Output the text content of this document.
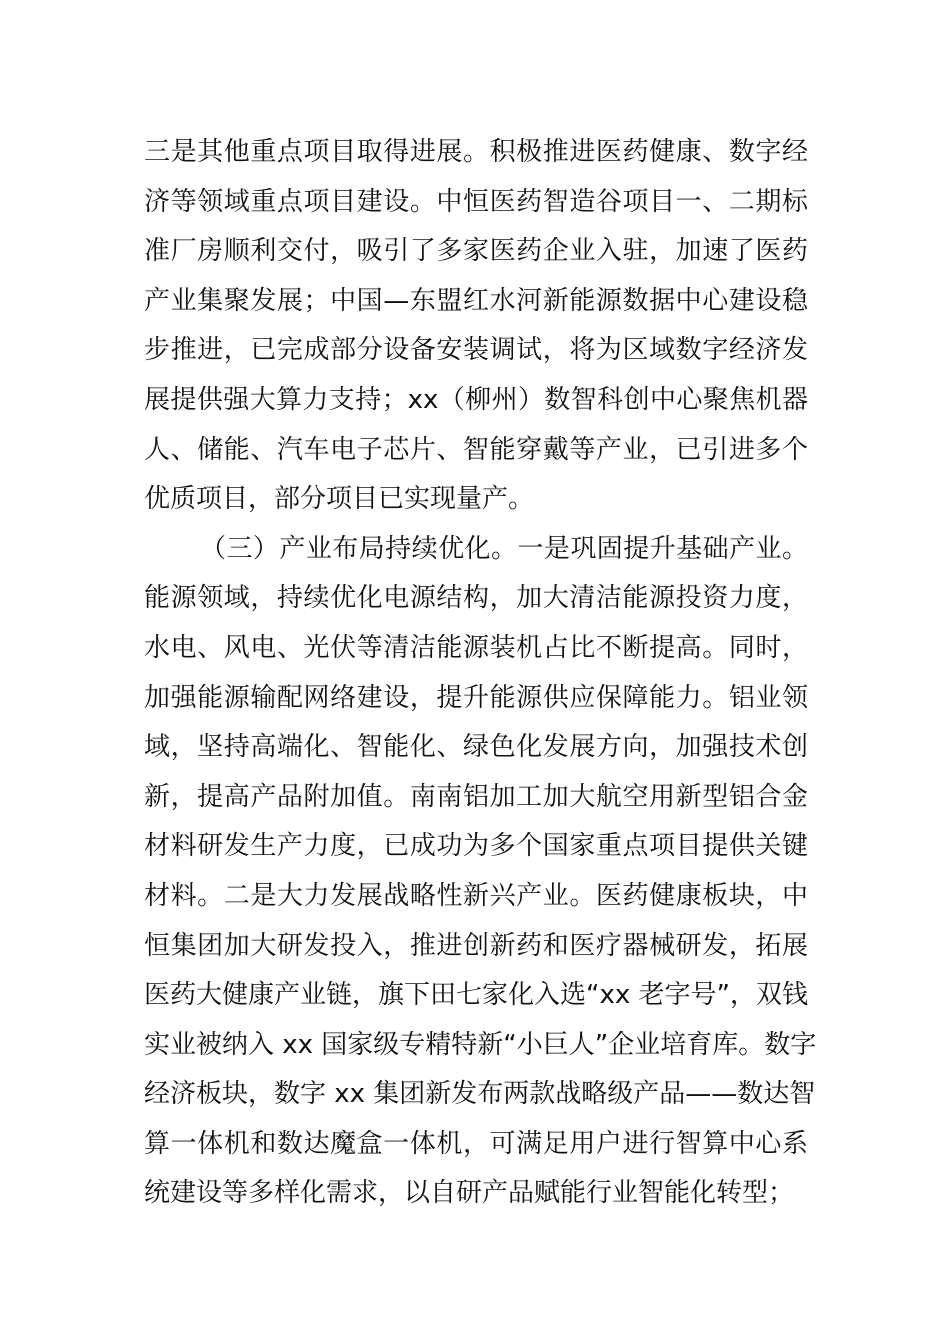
三是其他重点项目取得进展。积极推进医药健康、数字经
济等领域重点项目建设。中恒医药智造谷项目一、二期标
准厂房顺利交付，吸引了多家医药企业入驻，加速了医药
产业集聚发展；中国—东盟红水河新能源数据中心建设稳
步推进，已完成部分设备安装调试，将为区域数字经济发
展提供强大算力支持；xx（柳州）数智科创中心聚焦机器
人、储能、汽车电子芯片、智能穿戴等产业，已引进多个
优质项目，部分项目已实现量产。
（三）产业布局持续优化。一是巩固提升基础产业。
能源领域，持续优化电源结构，加大清洁能源投资力度，
水电、风电、光伏等清洁能源装机占比不断提高。同时，
加强能源输配网络建设，提升能源供应保障能力。铝业领
域，坚持高端化、智能化、绿色化发展方向，加强技术创
新，提高产品附加值。南南铝加工加大航空用新型铝合金
材料研发生产力度，已成功为多个国家重点项目提供关键
材料。二是大力发展战略性新兴产业。医药健康板块，中
恒集团加大研发投入，推进创新药和医疗器械研发，拓展
医药大健康产业链，旗下田七家化入选“xx 老字号”，双钱
实业被纳入 xx 国家级专精特新“小巨人”企业培育库。数字
经济板块，数字 xx 集团新发布两款战略级产品——数达智
算一体机和数达魔盒一体机，可满足用户进行智算中心系
统建设等多样化需求，以自研产品赋能行业智能化转型；
